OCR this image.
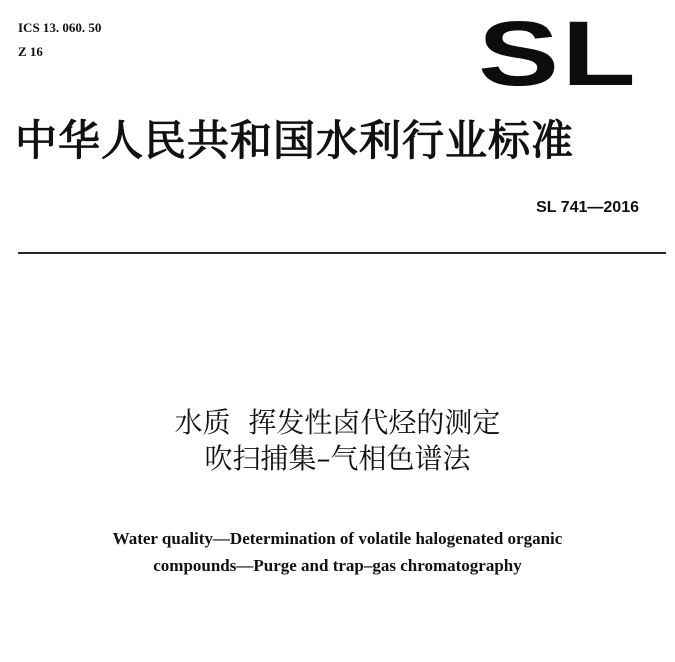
ICS 13. 060. 50
Z 16	SL
中华人民共和国水利行业标准
SL 741—2016
水质  挥发性卤代烃的测定
吹扫捕集–气相色谱法
Water quality—Determination of volatile halogenated organic
compounds—Purge and trap–gas chromatography
